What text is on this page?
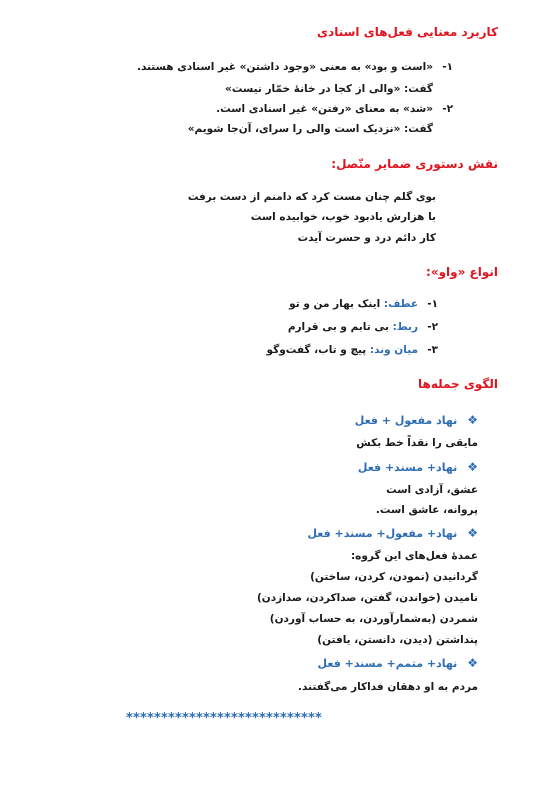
کاربرد معنایی فعل‌های اسنادی
۱-«است و بود» به معنی «وجود داشتن» غیر اسنادی هستند.
گفت: «والی از کجا در خانهٔ خمّار نیست»
۲-«شد» به معنای «رفتن» غیر اسنادی است.
گفت: «نزدیک است والی را سرای، آن‌جا شویم»
نقش دستوری ضمایر متّصل:
بوی گلم چنان مست کرد که دامنم از دست برفت
با هزارش یادبود خوب، خوابیده است
کار دائم درد و حسرت آیدت
انواع «واو»:
۱-عطف: اینک بهار من و تو
۲-ربط: بی تابم و بی قرارم
۳-میان وند: پیچ و تاب، گفت‌وگو
الگوی جمله‌ها
❖نهاد مفعول + فعل
مایقی را نقداً خط بکش
❖نهاد+ مسند+ فعل
عشق، آزادی است
پروانه، عاشق است.
❖نهاد+ مفعول+ مسند+ فعل
عمدهٔ فعل‌های این گروه:
گردانیدن (نمودن، کردن، ساختن)
نامیدن (خواندن، گفتن، صداکردن، صدازدن)
شمردن (به‌شمارآوردن، به حساب آوردن)
پنداشتن (دیدن، دانستن، یافتن)
❖نهاد+ متمم+ مسند+ فعل
مردم به او دهقان فداکار می‌گفتند.
****************************
